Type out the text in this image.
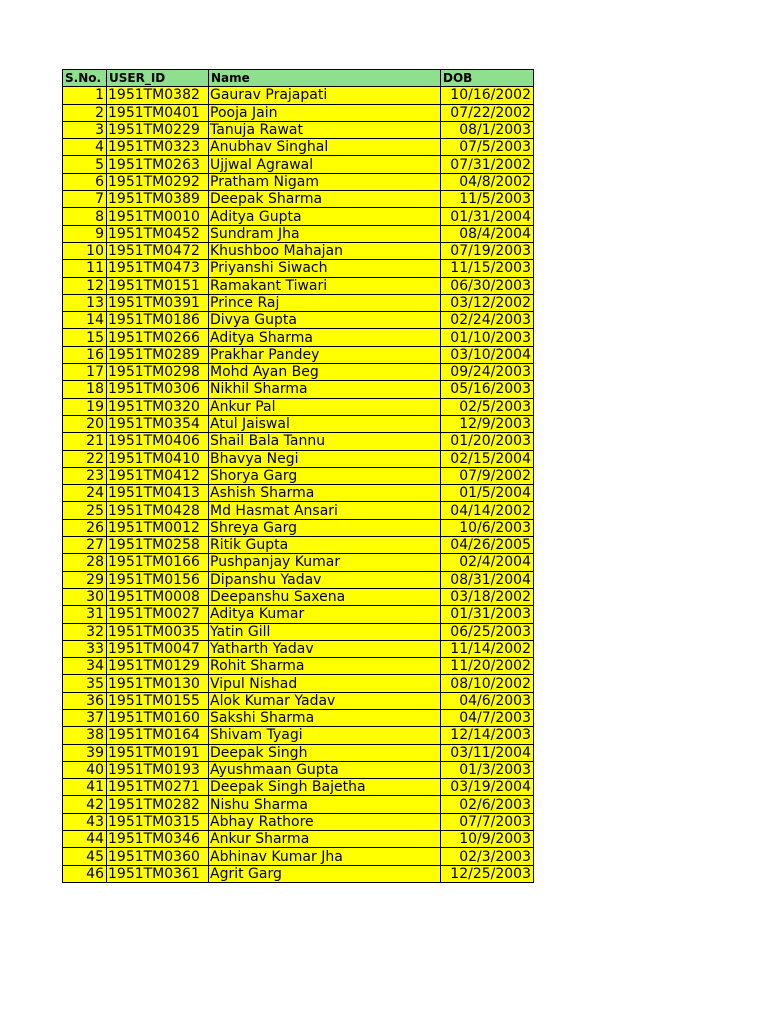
S.No.	USER_ID	Name	DOB
1	1951TM0382	Gaurav Prajapati	10/16/2002
2	1951TM0401	Pooja Jain	07/22/2002
3	1951TM0229	Tanuja Rawat	08/1/2003
4	1951TM0323	Anubhav Singhal	07/5/2003
5	1951TM0263	Ujjwal Agrawal	07/31/2002
6	1951TM0292	Pratham Nigam	04/8/2002
7	1951TM0389	Deepak Sharma	11/5/2003
8	1951TM0010	Aditya Gupta	01/31/2004
9	1951TM0452	Sundram Jha	08/4/2004
10	1951TM0472	Khushboo Mahajan	07/19/2003
11	1951TM0473	Priyanshi Siwach	11/15/2003
12	1951TM0151	Ramakant Tiwari	06/30/2003
13	1951TM0391	Prince Raj	03/12/2002
14	1951TM0186	Divya Gupta	02/24/2003
15	1951TM0266	Aditya Sharma	01/10/2003
16	1951TM0289	Prakhar Pandey	03/10/2004
17	1951TM0298	Mohd Ayan Beg	09/24/2003
18	1951TM0306	Nikhil Sharma	05/16/2003
19	1951TM0320	Ankur Pal	02/5/2003
20	1951TM0354	Atul Jaiswal	12/9/2003
21	1951TM0406	Shail Bala Tannu	01/20/2003
22	1951TM0410	Bhavya Negi	02/15/2004
23	1951TM0412	Shorya Garg	07/9/2002
24	1951TM0413	Ashish Sharma	01/5/2004
25	1951TM0428	Md Hasmat Ansari	04/14/2002
26	1951TM0012	Shreya Garg	10/6/2003
27	1951TM0258	Ritik Gupta	04/26/2005
28	1951TM0166	Pushpanjay Kumar	02/4/2004
29	1951TM0156	Dipanshu Yadav	08/31/2004
30	1951TM0008	Deepanshu Saxena	03/18/2002
31	1951TM0027	Aditya Kumar	01/31/2003
32	1951TM0035	Yatin Gill	06/25/2003
33	1951TM0047	Yatharth Yadav	11/14/2002
34	1951TM0129	Rohit Sharma	11/20/2002
35	1951TM0130	Vipul Nishad	08/10/2002
36	1951TM0155	Alok Kumar Yadav	04/6/2003
37	1951TM0160	Sakshi Sharma	04/7/2003
38	1951TM0164	Shivam Tyagi	12/14/2003
39	1951TM0191	Deepak Singh	03/11/2004
40	1951TM0193	Ayushmaan Gupta	01/3/2003
41	1951TM0271	Deepak Singh Bajetha	03/19/2004
42	1951TM0282	Nishu Sharma	02/6/2003
43	1951TM0315	Abhay Rathore	07/7/2003
44	1951TM0346	Ankur Sharma	10/9/2003
45	1951TM0360	Abhinav Kumar Jha	02/3/2003
46	1951TM0361	Agrit Garg	12/25/2003
